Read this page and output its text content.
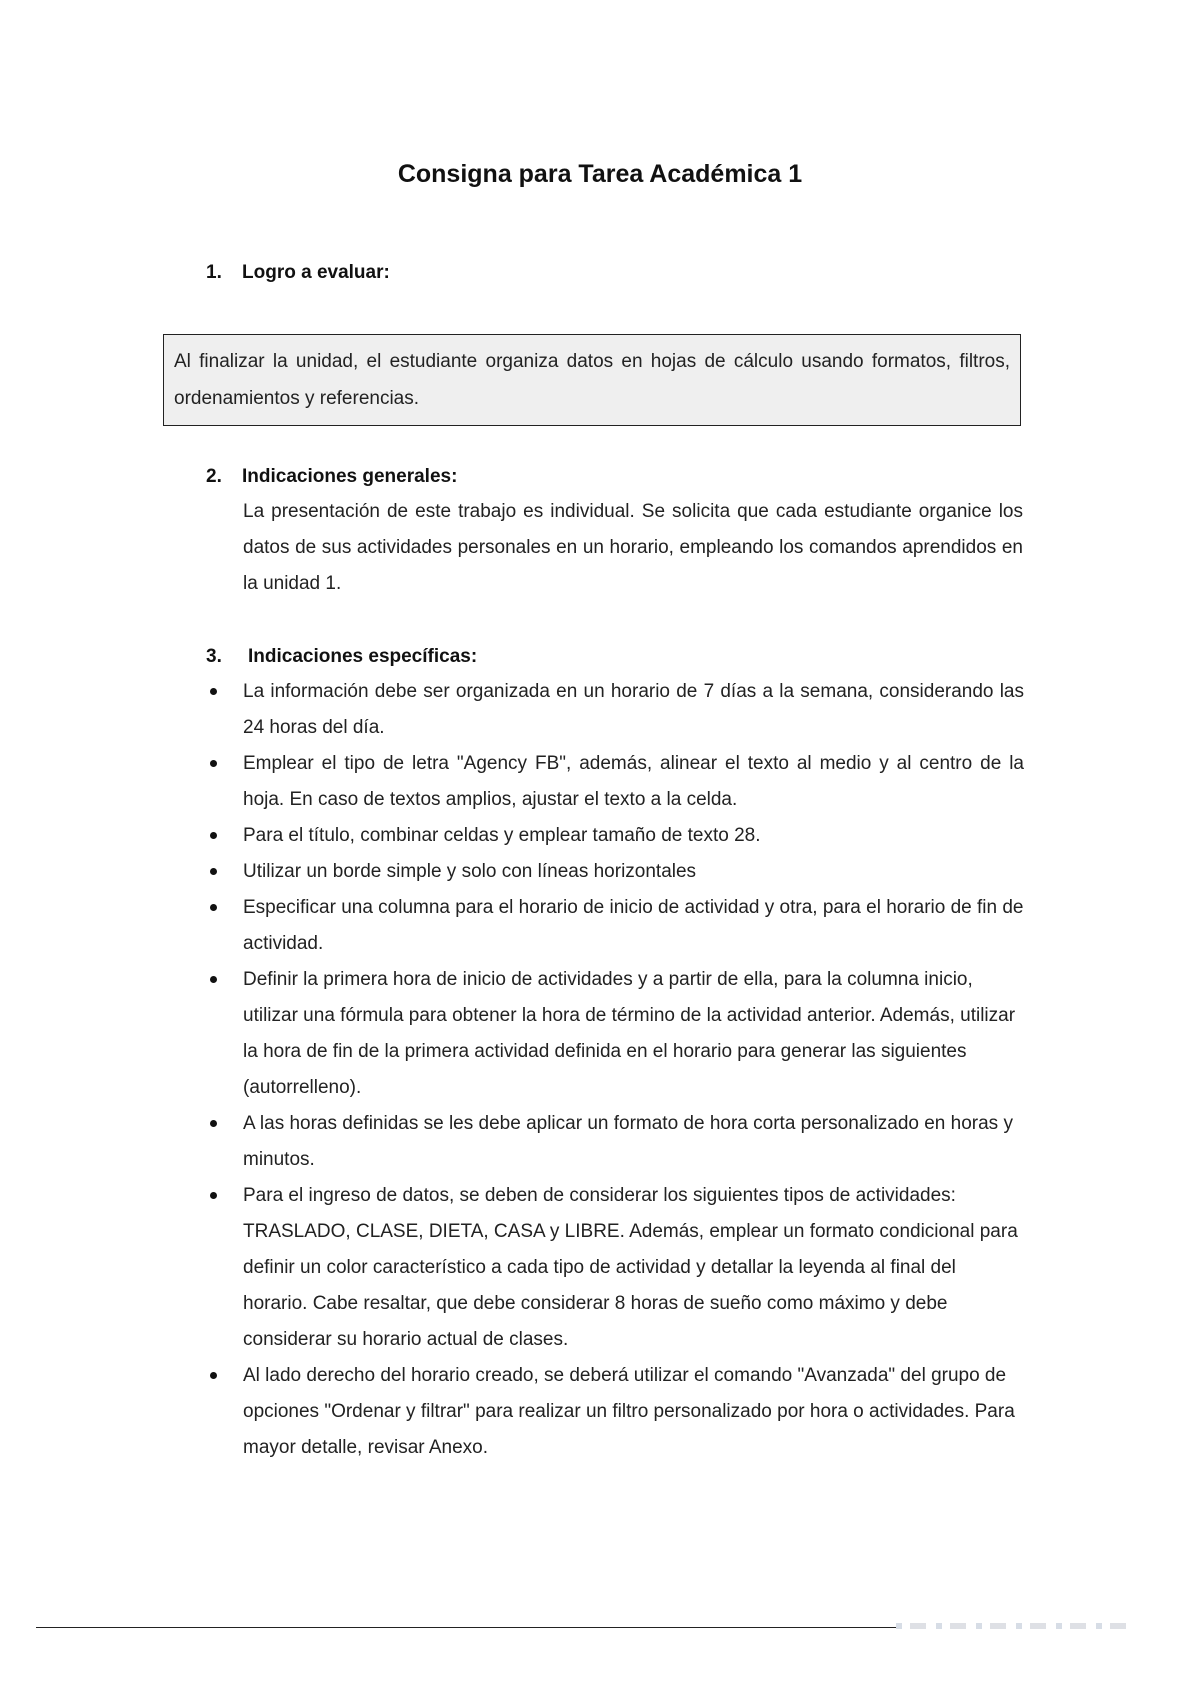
Consigna para Tarea Académica 1
1. Logro a evaluar:
Al finalizar la unidad, el estudiante organiza datos en hojas de cálculo usando formatos, filtros, ordenamientos y referencias.
2. Indicaciones generales:
La presentación de este trabajo es individual. Se solicita que cada estudiante organice los datos de sus actividades personales en un horario, empleando los comandos aprendidos en la unidad 1.
3. Indicaciones específicas:
La información debe ser organizada en un horario de 7 días a la semana, considerando las 24 horas del día.
Emplear el tipo de letra "Agency FB", además, alinear el texto al medio y al centro de la hoja. En caso de textos amplios, ajustar el texto a la celda.
Para el título, combinar celdas y emplear tamaño de texto 28.
Utilizar un borde simple y solo con líneas horizontales
Especificar una columna para el horario de inicio de actividad y otra, para el horario de fin de actividad.
Definir la primera hora de inicio de actividades y a partir de ella, para la columna inicio, utilizar una fórmula para obtener la hora de término de la actividad anterior. Además, utilizar la hora de fin de la primera actividad definida en el horario para generar las siguientes (autorrelleno).
A las horas definidas se les debe aplicar un formato de hora corta personalizado en horas y minutos.
Para el ingreso de datos, se deben de considerar los siguientes tipos de actividades: TRASLADO, CLASE, DIETA, CASA y LIBRE. Además, emplear un formato condicional para definir un color característico a cada tipo de actividad y detallar la leyenda al final del horario. Cabe resaltar, que debe considerar 8 horas de sueño como máximo y debe considerar su horario actual de clases.
Al lado derecho del horario creado, se deberá utilizar el comando "Avanzada" del grupo de opciones "Ordenar y filtrar" para realizar un filtro personalizado por hora o actividades. Para mayor detalle, revisar Anexo.
